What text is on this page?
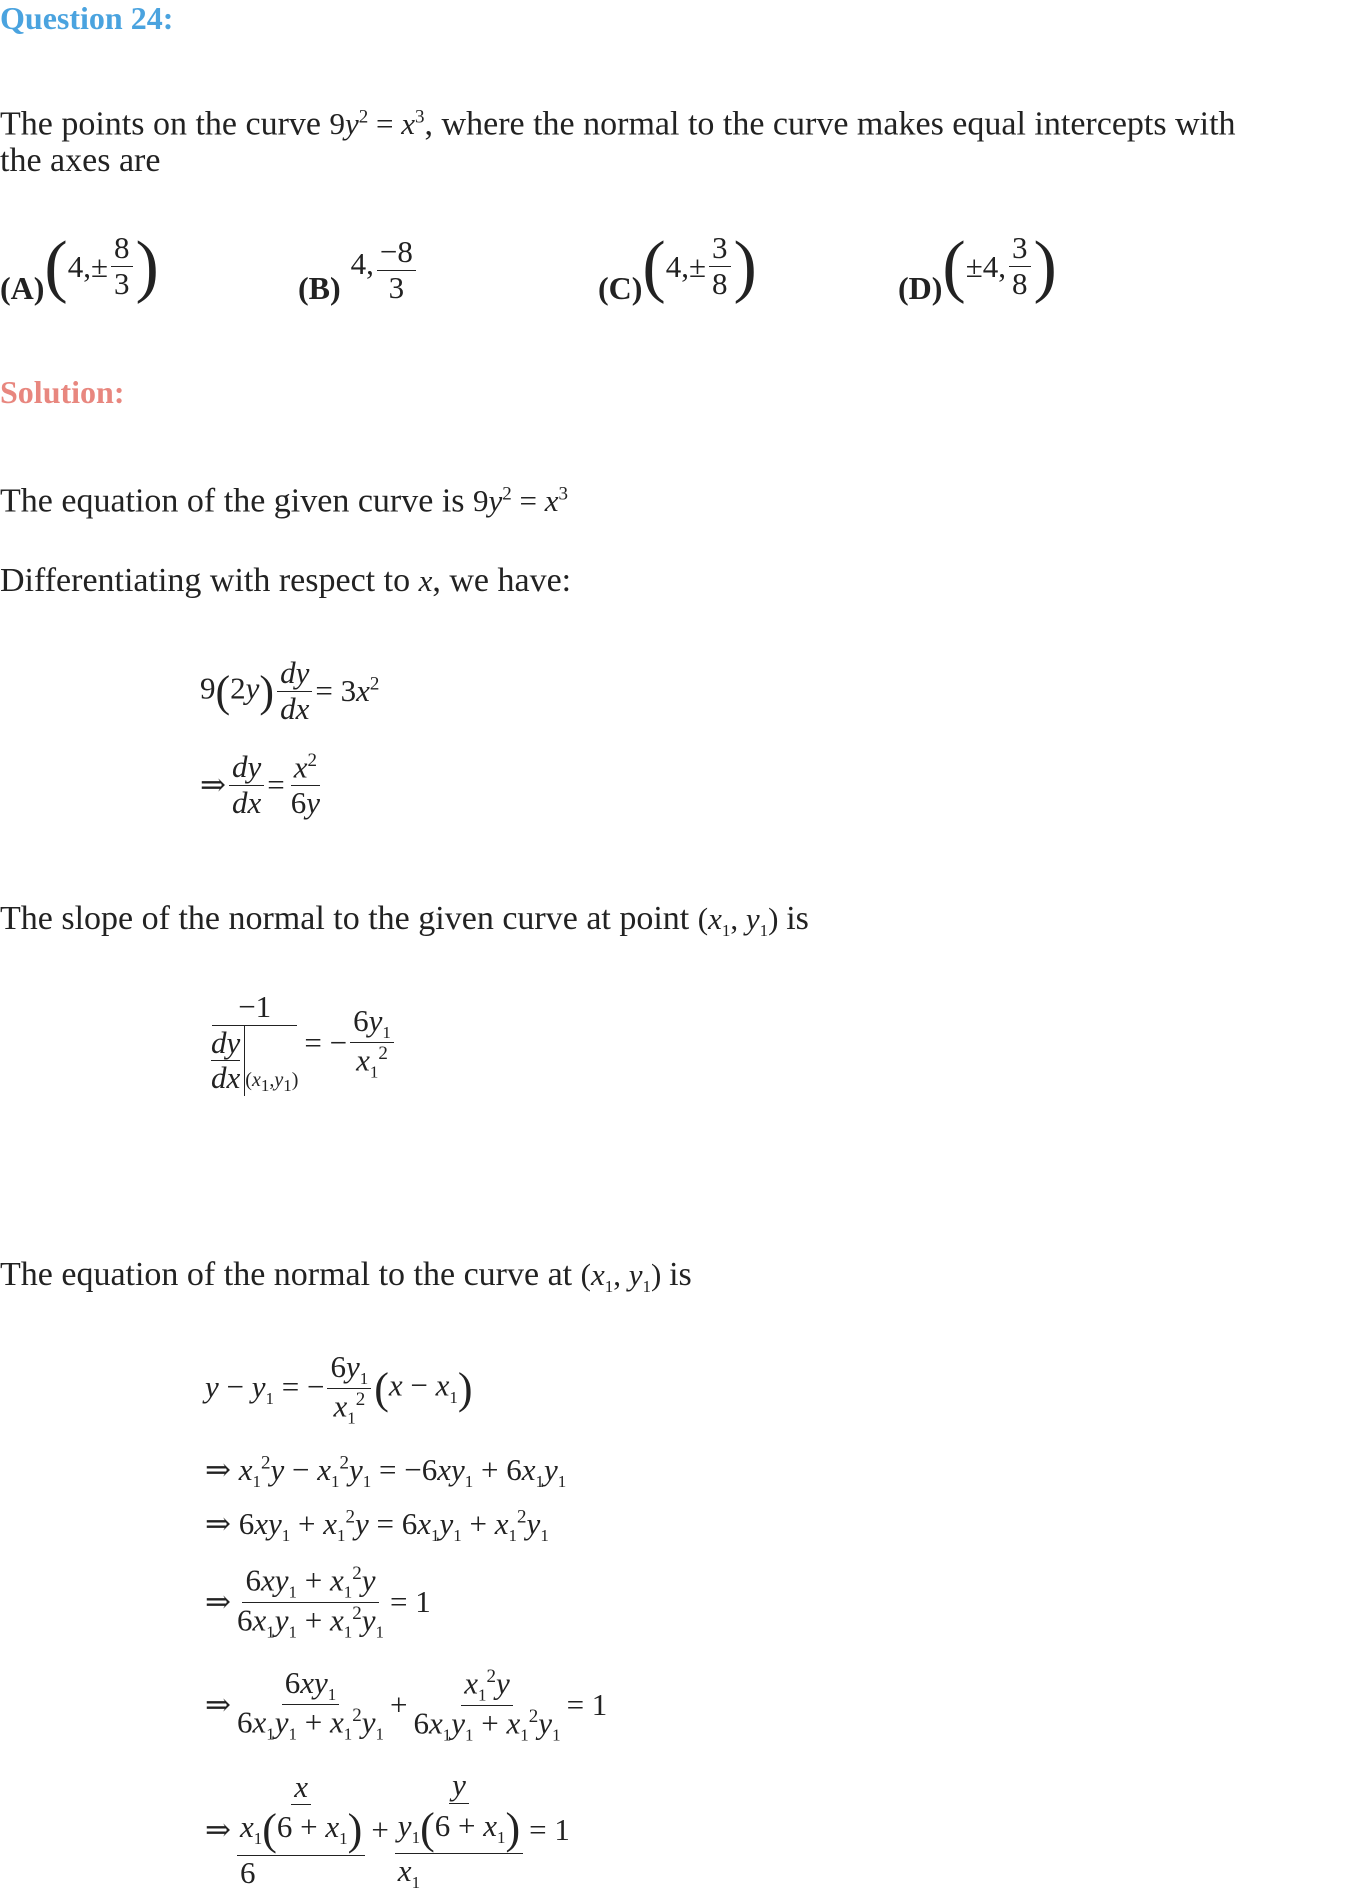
Question 24:
The points on the curve $9y^2 = x^3$, where the normal to the curve makes equal intercepts with
the axes are
(A) ( $4,\pm \frac{8}{3}$ )	(B)
4, $\frac{-8}{3}$	(C) ( $4,\pm \frac{3}{8}$ )	(D) ( ±4, $\frac{3}{8}$ )
Solution:
The equation of the given curve is $9y^2 = x^3$
Differentiating with respect to x, we have:
$9(2y) \frac{dy}{dx} = 3x^2$
⇒ $\frac{dy}{dx} = \frac{x^2}{6y}$
The slope of the normal to the given curve at point ($x_1$, $y_1$) is
$\frac{-1}{\frac{dy}{dx} _{(x_1,y_1)}}$ = − $\frac{6y_1}{x_1^2}$
The equation of the normal to the curve at ($x_1$, $y_1$) is
$y - y_1$ = − $\frac{6y_1}{x_1^2} (x - x_1)$
⇒ $x_1^2y - x_1^2y_1 = -6xy_1 + 6x_1y_1$
⇒ $6xy_1 + x_1^2y = 6x_1y_1 + x_1^2y_1$
⇒ $\frac{6xy_1 + x_1^2y}{6x_1y_1 + x_1^2y_1} = 1$
⇒ $\frac{6xy_1}{6x_1y_1 + x_1^2y_1} + \frac{x_1^2y}{6x_1y_1 + x_1^2y_1} = 1$
⇒ $\frac{x}{\frac{x_1(6 + x_1)}{6}} + \frac{y}{\frac{y_1(6 + x_1)}{x_1}} = 1$
